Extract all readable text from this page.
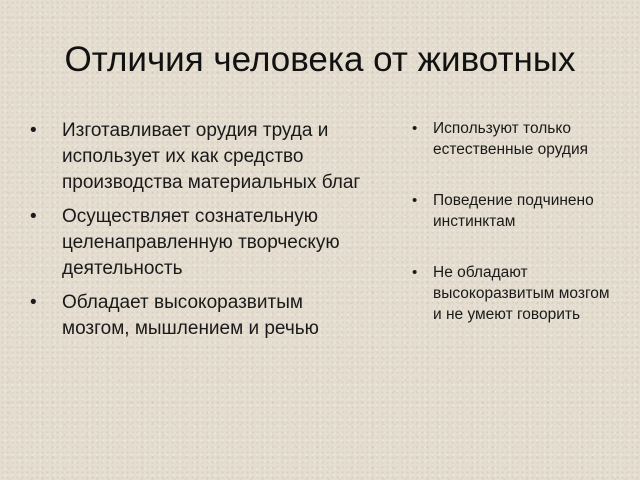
Отличия человека от животных
• Изготавливает орудия труда и использует их как средство производства материальных благ
• Осуществляет сознательную целенаправленную творческую деятельность
• Обладает высокоразвитым мозгом, мышлением и речью
• Используют только естественные орудия
• Поведение подчинено инстинктам
• Не обладают высокоразвитым мозгом и не умеют говорить
